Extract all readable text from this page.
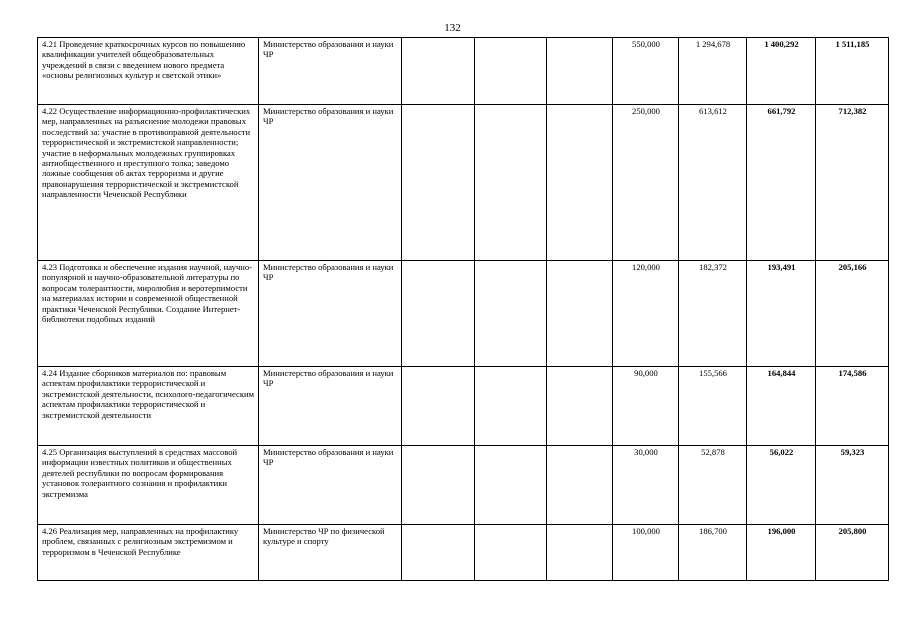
132
4.21 Проведение краткосрочных курсов по повышению квалификации учителей общеобразовательных учреждений в связи с введением нового предмета «основы религиозных культур и светской этики»	Министерство образования и науки ЧР				550,000	1 294,678	1 400,292	1 511,185
4.22 Осуществление информационно-профилактических мер, направленных на разъяснение молодежи правовых последствий за: участие в противоправной деятельности террористической и экстремистской направленности; участие в неформальных молодежных группировках антиобщественного и преступного толка; заведомо ложные сообщения об актах терроризма и другие правонарушения террористической и экстремистской направленности Чеченской Республики	Министерство образования и науки ЧР				250,000	613,612	661,792	712,382
4.23 Подготовка и обеспечение издания научной, научно-популярной и научно-образовательной литературы по вопросам толерантности, миролюбия и веротерпимости на материалах истории и современной общественной практики Чеченской Республики. Создание Интернет-библиотеки подобных изданий	Министерство образования и науки ЧР				120,000	182,372	193,491	205,166
4.24 Издание сборников материалов по: правовым аспектам профилактики террористической и экстремистской деятельности, психолого-педагогическим аспектам профилактики террористической и экстремистской деятельности	Министерство образования и науки ЧР				90,000	155,566	164,844	174,586
4.25 Организация выступлений в средствах массовой информации известных политиков и общественных деятелей республики по вопросам формирования установок толерантного сознания и профилактики экстремизма	Министерство образования и науки ЧР				30,000	52,878	56,022	59,323
4.26 Реализация мер, направленных на профилактику проблем, связанных с религиозным экстремизмом и терроризмом в Чеченской Республике	Министерство ЧР по физической культуре и спорту				100,000	186,700	196,000	205,800
